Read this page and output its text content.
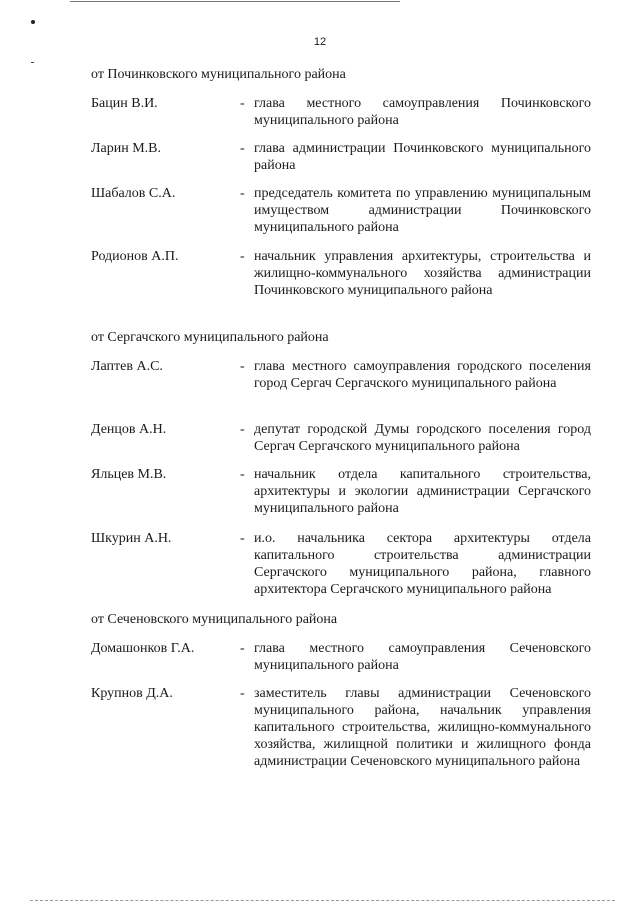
12
от Починковского муниципального района
Бацин В.И.	- глава местного самоуправления Починковского муниципального района
Ларин М.В.	- глава администрации Починковского муниципального района
Шабалов С.А.	- председатель комитета по управлению муниципальным имуществом администрации Починковского муниципального района
Родионов А.П.	- начальник управления архитектуры, строительства и жилищно-коммунального хозяйства администрации Починковского муниципального района
от Сергачского муниципального района
Лаптев А.С.	- глава местного самоуправления городского поселения город Сергач Сергачского муниципального района
Денцов А.Н.	- депутат городской Думы городского поселения город Сергач Сергачского муниципального района
Яльцев М.В.	- начальник отдела капитального строительства, архитектуры и экологии администрации Сергачского муниципального района
Шкурин А.Н.	- и.о. начальника сектора архитектуры отдела капитального строительства администрации Сергачского муниципального района, главного архитектора Сергачского муниципального района
от Сеченовского муниципального района
Домашонков Г.А.	- глава местного самоуправления Сеченовского муниципального района
Крупнов Д.А.	- заместитель главы администрации Сеченовского муниципального района, начальник управления капитального строительства, жилищно-коммунального хозяйства, жилищной политики и жилищного фонда администрации Сеченовского муниципального района
